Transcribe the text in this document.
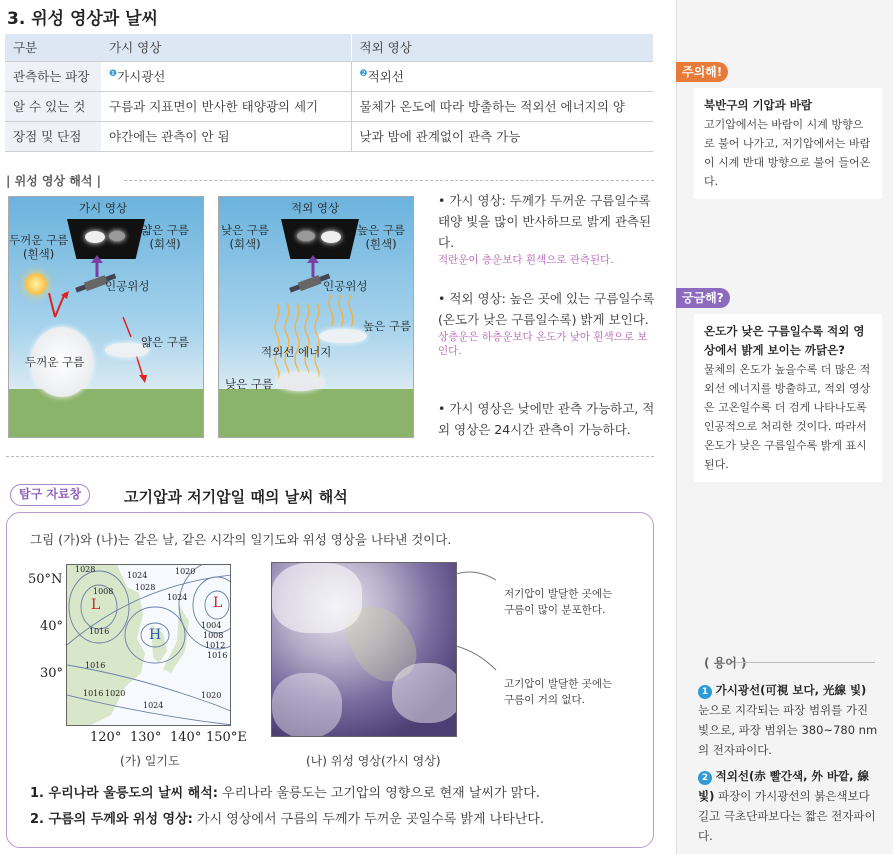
3. 위성 영상과 날씨
구분	가시 영상	적외 영상
관측하는 파장	$^❶$가시광선	$^❷$적외선
알 수 있는 것	구름과 지표면이 반사한 태양광의 세기	물체가 온도에 따라 방출하는 적외선 에너지의 양
장점 및 단점	야간에는 관측이 안 됨	낮과 밤에 관계없이 관측 가능
| 위성 영상 해석 |
가시 영상
두꺼운 구름
(흰색)
얇은 구름
(회색)
인공위성
얇은 구름
두꺼운 구름
적외 영상
낮은 구름
(회색)
높은 구름
(흰색)
인공위성
높은 구름
적외선 에너지
낮은 구름
• 가시 영상: 두께가 두꺼운 구름일수록 태양 빛을 많이 반사하므로 밝게 관측된다.
적란운이 층운보다 흰색으로 관측된다.
• 적외 영상: 높은 곳에 있는 구름일수록(온도가 낮은 구름일수록) 밝게 보인다.
상층운은 하층운보다 온도가 낮아 흰색으로 보인다.
• 가시 영상은 낮에만 관측 가능하고, 적외 영상은 24시간 관측이 가능하다.
탐구 자료창	고기압과 저기압일 때의 날씨 해석
그림 (가)와 (나)는 같은 날, 같은 시각의 일기도와 위성 영상을 나타낸 것이다.
50°N
40°
30°
1028
1024	1020
1008	1028
1024
1016
1004
1008
1012
1016
1016
1016 1020
1024
1020
L	L
H
120° 130° 140° 150°E
(가) 일기도
저기압이 발달한 곳에는
구름이 많이 분포한다.
고기압이 발달한 곳에는
구름이 거의 없다.
(나) 위성 영상(가시 영상)
1. 우리나라 울릉도의 날씨 해석: 우리나라 울릉도는 고기압의 영향으로 현재 날씨가 맑다.
2. 구름의 두께와 위성 영상: 가시 영상에서 구름의 두께가 두꺼운 곳일수록 밝게 나타난다.
주의해!
북반구의 기압과 바람
고기압에서는 바람이 시계 방향으로 불어 나가고, 저기압에서는 바람이 시계 반대 방향으로 불어 들어온다.
궁금해?
온도가 낮은 구름일수록 적외 영상에서 밝게 보이는 까닭은?
물체의 온도가 높을수록 더 많은 적외선 에너지를 방출하고, 적외 영상은 고온일수록 더 검게 나타나도록 인공적으로 처리한 것이다. 따라서 온도가 낮은 구름일수록 밝게 표시된다.
( 용어 )
1 가시광선(可視 보다, 光線 빛) 눈으로 지각되는 파장 범위를 가진 빛으로, 파장 범위는 380~780 nm의 전자파이다.
2 적외선(赤 빨간색, 外 바깥, 線 빛) 파장이 가시광선의 붉은색보다 길고 극초단파보다는 짧은 전자파이다.
